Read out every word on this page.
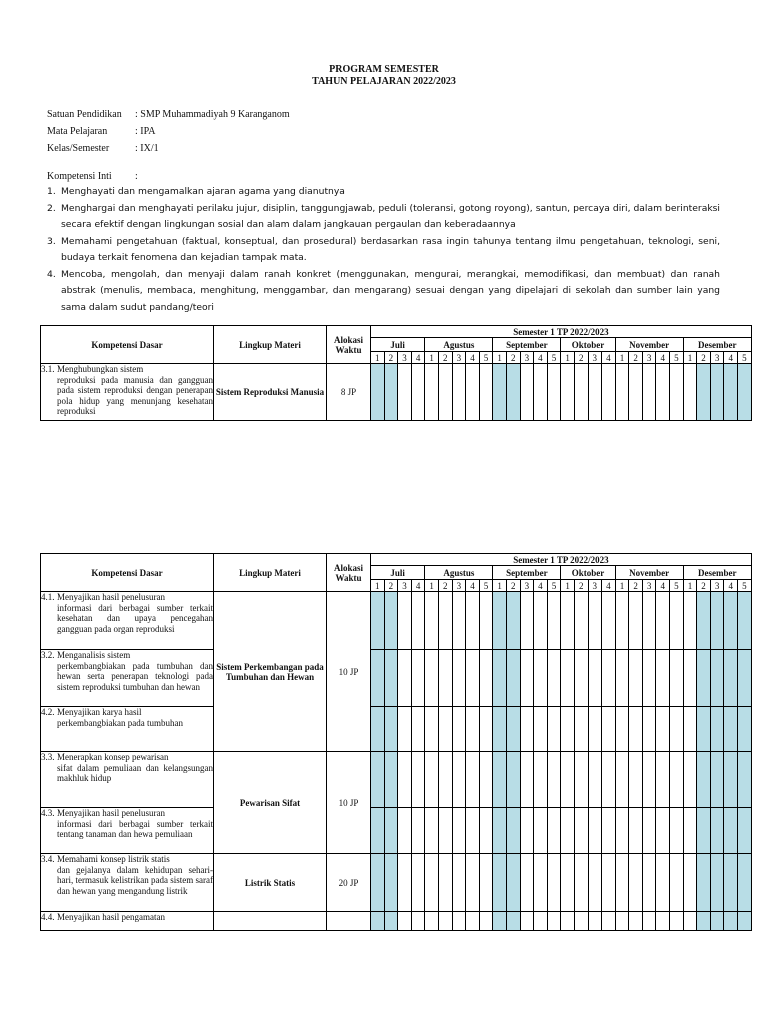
PROGRAM SEMESTER
TAHUN PELAJARAN 2022/2023
Satuan Pendidikan : SMP Muhammadiyah 9 Karanganom
Mata Pelajaran	: IPA
Kelas/Semester	: IX/1
Kompetensi Inti :
1. Menghayati dan mengamalkan ajaran agama yang dianutnya
2. Menghargai dan menghayati perilaku jujur, disiplin, tanggungjawab, peduli (toleransi, gotong royong), santun, percaya diri, dalam berinteraksi secara efektif dengan lingkungan sosial dan alam dalam jangkauan pergaulan dan keberadaannya
3. Memahami pengetahuan (faktual, konseptual, dan prosedural) berdasarkan rasa ingin tahunya tentang ilmu pengetahuan, teknologi, seni, budaya terkait fenomena dan kejadian tampak mata.
4. Mencoba, mengolah, dan menyaji dalam ranah konkret (menggunakan, mengurai, merangkai, memodifikasi, dan membuat) dan ranah abstrak (menulis, membaca, menghitung, menggambar, dan mengarang) sesuai dengan yang dipelajari di sekolah dan sumber lain yang sama dalam sudut pandang/teori
Kompetensi Dasar	Lingkup Materi	Alokasi Waktu	Semester 1 TP 2022/2023																											
			Juli				Agustus					September					Oktober				November					Desember				
			1	2	3	4	1	2	3	4	5	1	2	3	4	5	1	2	3	4	1	2	3	4	5	1	2	3	4	5
3.1. Menghubungkan sistem
reproduksi pada manusia dan gangguan pada sistem reproduksi dengan penerapan pola hidup yang menunjang kesehatan reproduksi	Sistem Reproduksi Manusia	8 JP																												
Kompetensi Dasar	Lingkup Materi	Alokasi Waktu	Semester 1 TP 2022/2023																											
			Juli				Agustus					September					Oktober				November					Desember				
			1	2	3	4	1	2	3	4	5	1	2	3	4	5	1	2	3	4	1	2	3	4	5	1	2	3	4	5
4.1. Menyajikan hasil penelusuran
informasi dari berbagai sumber terkait kesehatan dan upaya pencegahan gangguan pada organ reproduksi	Sistem Perkembangan pada Tumbuhan dan Hewan	10 JP																												
3.2. Menganalisis sistem
perkembangbiakan pada tumbuhan dan hewan serta penerapan teknologi pada sistem reproduksi tumbuhan dan hewan																														

4.2. Menyajikan karya hasil
perkembangbiakan pada tumbuhan																														

3.3. Menerapkan konsep pewarisan
sifat dalam pemuliaan dan kelangsungan makhluk hidup	Pewarisan Sifat	10 JP																												
4.3. Menyajikan hasil penelusuran
informasi dari berbagai sumber terkait tentang tanaman dan hewa pemuliaan																														

3.4. Memahami konsep listrik statis
dan gejalanya dalam kehidupan sehari-hari, termasuk kelistrikan pada sistem saraf dan hewan yang mengandung listrik	Listrik Statis	20 JP																												
4.4. Menyajikan hasil pengamatan																														
